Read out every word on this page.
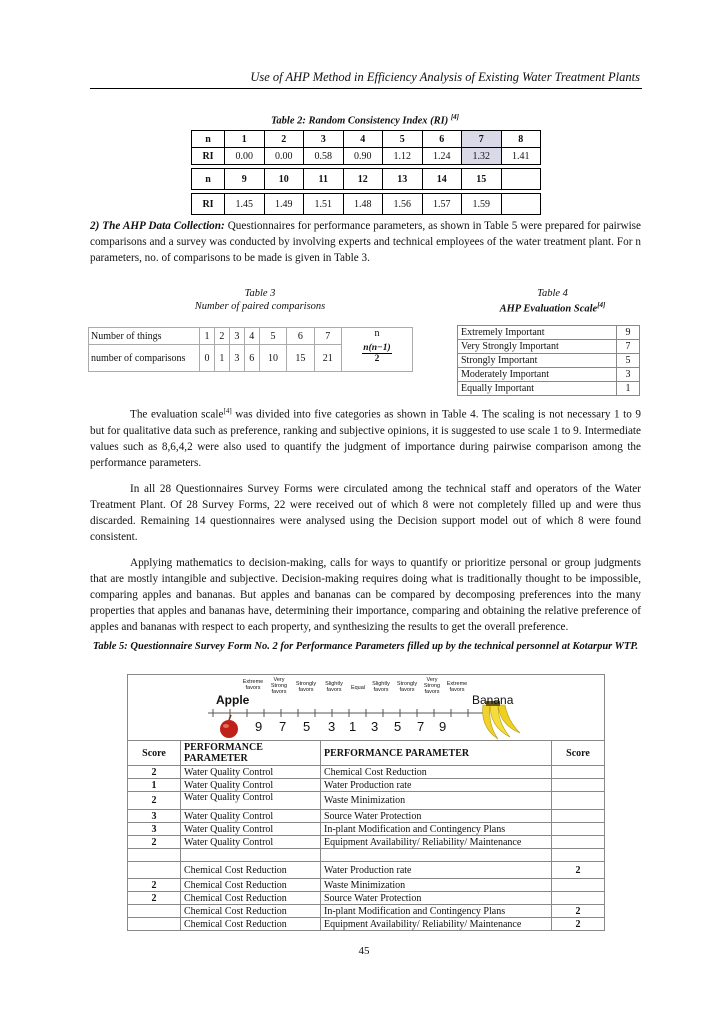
Use of AHP Method in Efficiency Analysis of Existing Water Treatment Plants
Table 2: Random Consistency Index (RI) [4]
n	1	2	3	4	5	6	7	8
RI	0.00	0.00	0.58	0.90	1.12	1.24	1.32	1.41

n	9	10	11	12	13	14	15	

RI	1.45	1.49	1.51	1.48	1.56	1.57	1.59	

2) The AHP Data Collection: Questionnaires for performance parameters, as shown in Table 5 were prepared for pairwise comparisons and a survey was conducted by involving experts and technical employees of the water treatment plant. For n parameters, no. of comparisons to be made is given in Table 3.

Table 3
Number of paired comparisons
Number of things	1	2	3	4	5	6	7	n
n(n−1)
2

number of comparisons	0	1	3	6	10	15	21	
Table 4
AHP Evaluation Scale[4]
Extremely Important	9
Very Strongly Important	7
Strongly Important	5
Moderately Important	3
Equally Important	1

The evaluation scale[4] was divided into five categories as shown in Table 4. The scaling is not necessary 1 to 9 but for qualitative data such as preference, ranking and subjective opinions, it is suggested to use scale 1 to 9. Intermediate values such as 8,6,4,2 were also used to quantify the judgment of importance during pairwise comparison among the performance parameters.

In all 28 Questionnaires Survey Forms were circulated among the technical staff and operators of the Water Treatment Plant. Of 28 Survey Forms, 22 were received out of which 8 were not completely filled up and were thus discarded. Remaining 14 questionnaires were analysed using the Decision support model out of which 8 were found consistent.

Applying mathematics to decision-making, calls for ways to quantify or prioritize personal or group judgments that are mostly intangible and subjective. Decision-making requires doing what is traditionally thought to be impossible, comparing apples and bananas. But apples and bananas can be compared by decomposing preferences into the many properties that apples and bananas have, determining their importance, comparing and obtaining the relative preference of apples and bananas with respect to each property, and synthesizing the results to get the overall preference.

Table 5: Questionnaire Survey Form No. 2 for Performance Parameters filled up by the technical personnel at Kotarpur WTP.
Apple	Banana
Extreme favors
Very Strong favors
Strongly favors
Slightly favors	Equal
Slightly favors
Strongly favors
Very Strong favors
Extreme favors
9 7 5 3 1 3 5 7 9
Score	PERFORMANCE PARAMETER	PERFORMANCE PARAMETER	Score
2	Water Quality Control	Chemical Cost Reduction	
1	Water Quality Control	Water Production rate	
2	Water Quality Control	Waste Minimization	
3	Water Quality Control	Source Water Protection	
3	Water Quality Control	In-plant Modification and Contingency Plans	
2	Water Quality Control	Equipment Availability/ Reliability/ Maintenance	

	Chemical Cost Reduction	Water Production rate	2
2	Chemical Cost Reduction	Waste Minimization	
2	Chemical Cost Reduction	Source Water Protection	
	Chemical Cost Reduction	In-plant Modification and Contingency Plans	2
	Chemical Cost Reduction	Equipment Availability/ Reliability/ Maintenance	2
45
